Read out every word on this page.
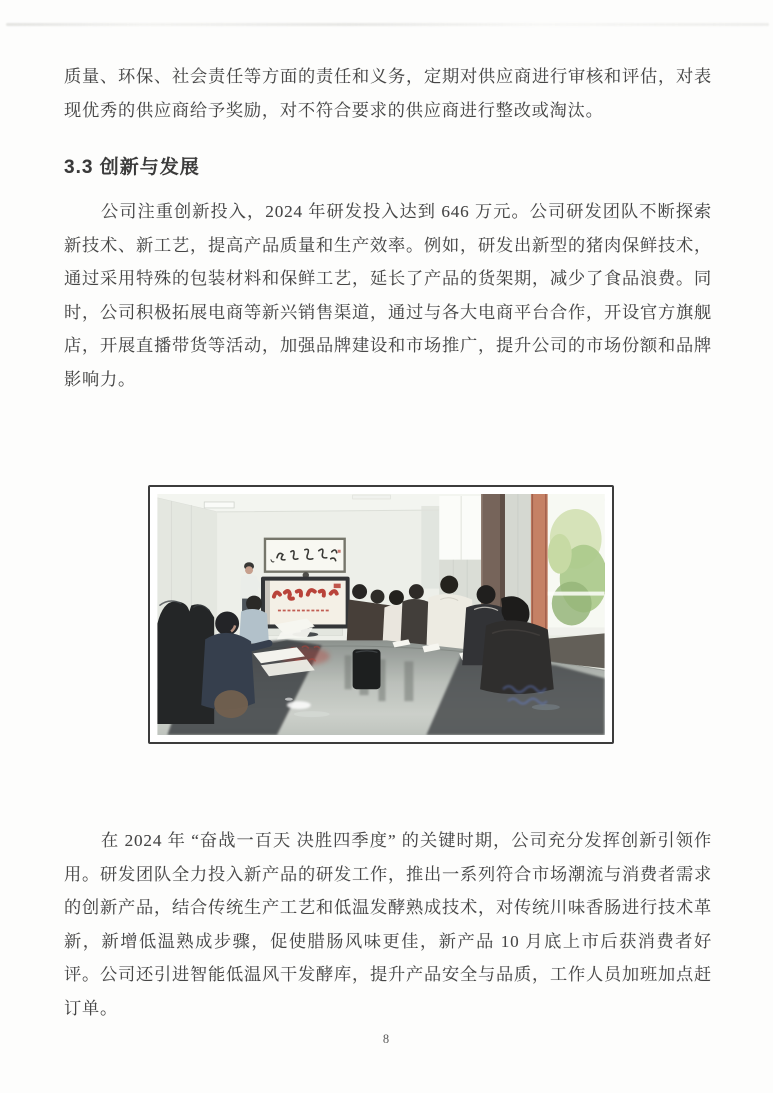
质量、环保、社会责任等方面的责任和义务，定期对供应商进行审核和评估，对表现优秀的供应商给予奖励，对不符合要求的供应商进行整改或淘汰。

3.3 创新与发展

公司注重创新投入，2024 年研发投入达到 646 万元。公司研发团队不断探索新技术、新工艺，提高产品质量和生产效率。例如，研发出新型的猪肉保鲜技术，通过采用特殊的包装材料和保鲜工艺，延长了产品的货架期，减少了食品浪费。同时，公司积极拓展电商等新兴销售渠道，通过与各大电商平台合作，开设官方旗舰店，开展直播带货等活动，加强品牌建设和市场推广，提升公司的市场份额和品牌影响力。

在 2024 年 “奋战一百天 决胜四季度” 的关键时期，公司充分发挥创新引领作用。研发团队全力投入新产品的研发工作，推出一系列符合市场潮流与消费者需求的创新产品，结合传统生产工艺和低温发酵熟成技术，对传统川味香肠进行技术革新，新增低温熟成步骤，促使腊肠风味更佳，新产品 10 月底上市后获消费者好评。公司还引进智能低温风干发酵库，提升产品安全与品质，工作人员加班加点赶订单。

8
